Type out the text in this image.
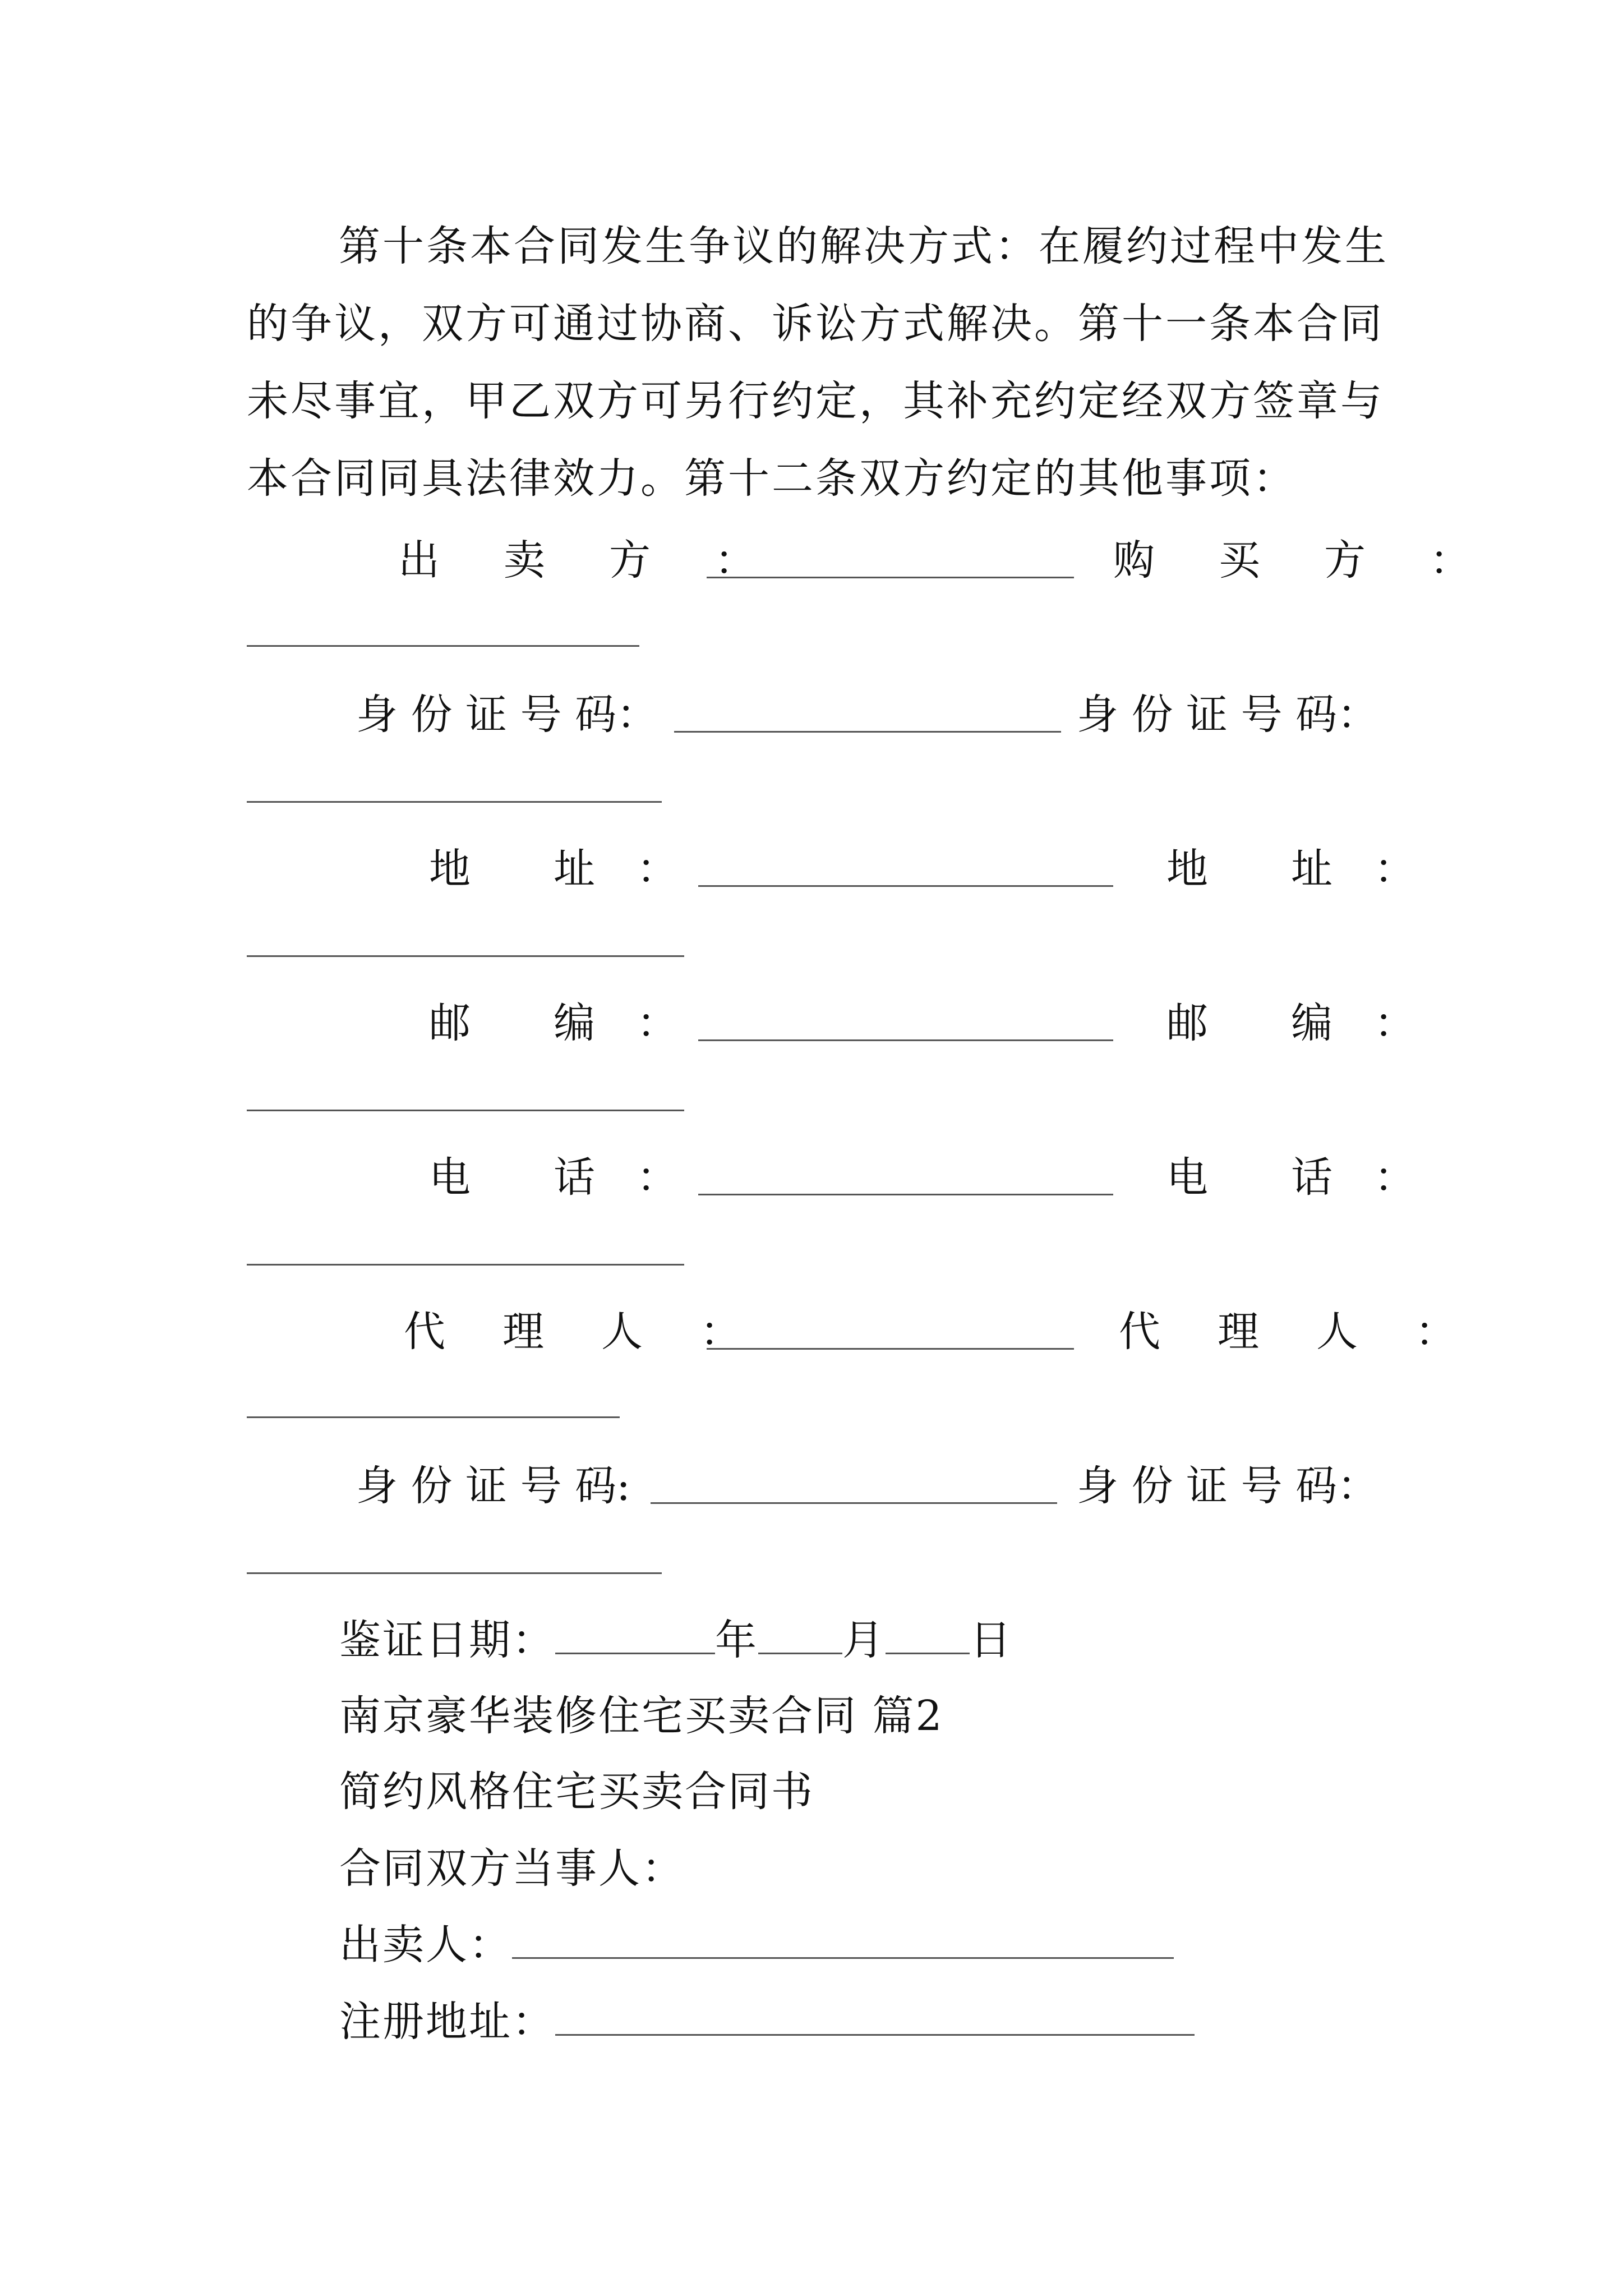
第十条本合同发生争议的解决方式：在履约过程中发生的争议，双方可通过协商、诉讼方式解决。第十一条本合同未尽事宜，甲乙双方可另行约定，其补充约定经双方签章与本合同同具法律效力。第十二条双方约定的其他事项：

出　卖　方　：	购　买　方　：
身 份 证 号 码：	身 份 证 号 码：
地　　址　：	地　　址　：
邮　　编　：	邮　　编　：
电　　话　：	电　　话　：
代　理　人　：	代　理　人　：
身 份 证 号 码:	身 份 证 号 码：
鉴证日期：	年 月 日
南京豪华装修住宅买卖合同 篇2
简约风格住宅买卖合同书
合同双方当事人：
出卖人：
注册地址：
